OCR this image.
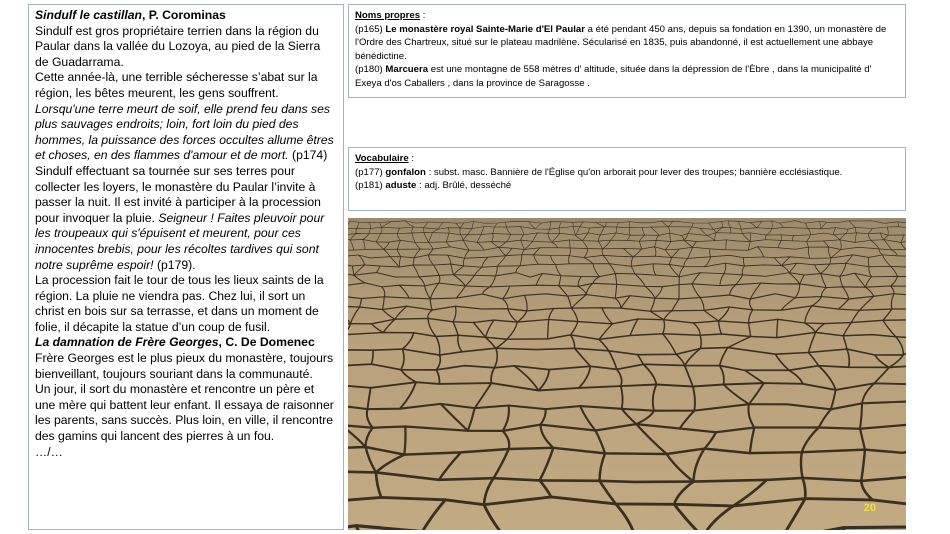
Sindulf le castillan, P. Corominas

Sindulf est gros propriétaire terrien dans la région du Paular dans la vallée du Lozoya, au pied de la Sierra de Guadarrama.

Cette année-là, une terrible sécheresse s’abat sur la région, les bêtes meurent, les gens souffrent.

Lorsqu'une terre meurt de soif, elle prend feu dans ses plus sauvages endroits; loin, fort loin du pied des hommes, la puissance des forces occultes allume êtres et choses, en des flammes d'amour et de mort. (p174)

Sindulf effectuant sa tournée sur ses terres pour collecter les loyers, le monastère du Paular l’invite à passer la nuit. Il est invité à participer à la procession pour invoquer la pluie. Seigneur ! Faites pleuvoir pour les troupeaux qui s'épuisent et meurent, pour ces innocentes brebis, pour les récoltes tardives qui sont notre suprême espoir! (p179).

La procession fait le tour de tous les lieux saints de la région. La pluie ne viendra pas. Chez lui, il sort un christ en bois sur sa terrasse, et dans un moment de folie, il décapite la statue d’un coup de fusil.

La damnation de Frère Georges, C. De Domenec

Frère Georges est le plus pieux du monastère, toujours bienveillant, toujours souriant dans la communauté.

Un jour, il sort du monastère et rencontre un père et une mère qui battent leur enfant. Il essaya de raisonner les parents, sans succès. Plus loin, en ville, il rencontre des gamins qui lancent des pierres à un fou.…/…

Noms propres :

(p165) Le monastère royal Sainte-Marie d'El Paular a été pendant 450 ans, depuis sa fondation en 1390, un monastère de l'Ordre des Chartreux, situé sur le plateau madrilène. Sécularisé en 1835, puis abandonné, il est actuellement une abbaye bénédictine.

(p180) Marcuera est une montagne de 558 mètres d' altitude, située dans la dépression de l'Èbre , dans la municipalité d' Exeya d'os Caballers , dans la province de Saragosse .

Vocabulaire :

(p177) gonfalon : subst. masc. Bannière de l'Église qu'on arborait pour lever des troupes; bannière ecclésiastique.

(p181) aduste : adj. Brûlé, desséché

20
